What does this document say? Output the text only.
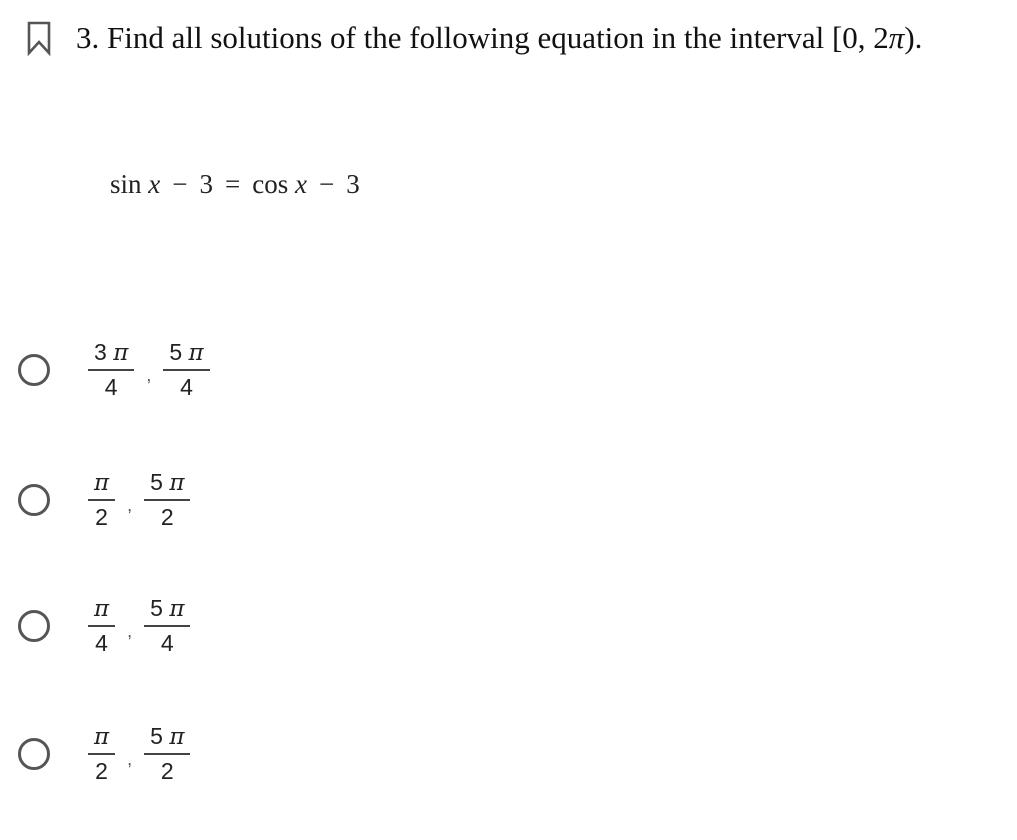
3. Find all solutions of the following equation in the interval [0, 2π).
sin x − 3 = cos x − 3
$\frac{3 \pi}{4}$ , $\frac{5 \pi}{4}$
$\frac{\pi}{2}$ , $\frac{5 \pi}{2}$
$\frac{\pi}{4}$ , $\frac{5 \pi}{4}$
$\frac{\pi}{2}$ , $\frac{5 \pi}{2}$
